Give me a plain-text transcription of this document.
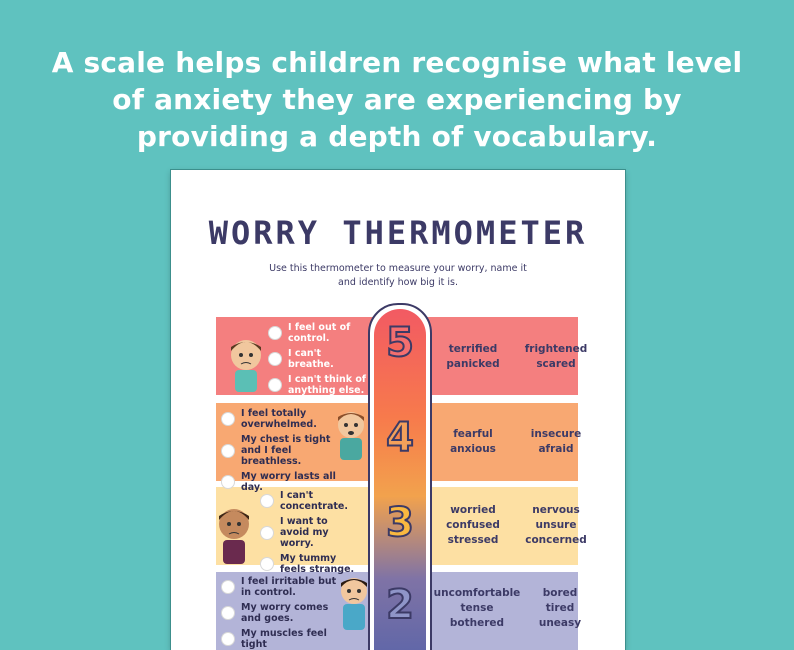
A scale helps children recognise what level of anxiety they are experiencing by providing a depth of vocabulary.
WORRY THERMOMETER
Use this thermometer to measure your worry, name it
and identify how big it is.
I feel out of control.
I can't breathe.
I can't think of anything else.
terrified	frightened
panicked	scared
I feel totally overwhelmed.
My chest is tight and I feel breathless.
My worry lasts all day.
fearful	insecure
anxious	afraid
I can't concentrate.
I want to avoid my worry.
My tummy feels strange.
worried	nervous
confused	unsure
stressed	concerned
I feel irritable but in control.
My worry comes and goes.
My muscles feel tight
uncomfortable	bored
tense	tired
bothered	uneasy
5
4
3
2
